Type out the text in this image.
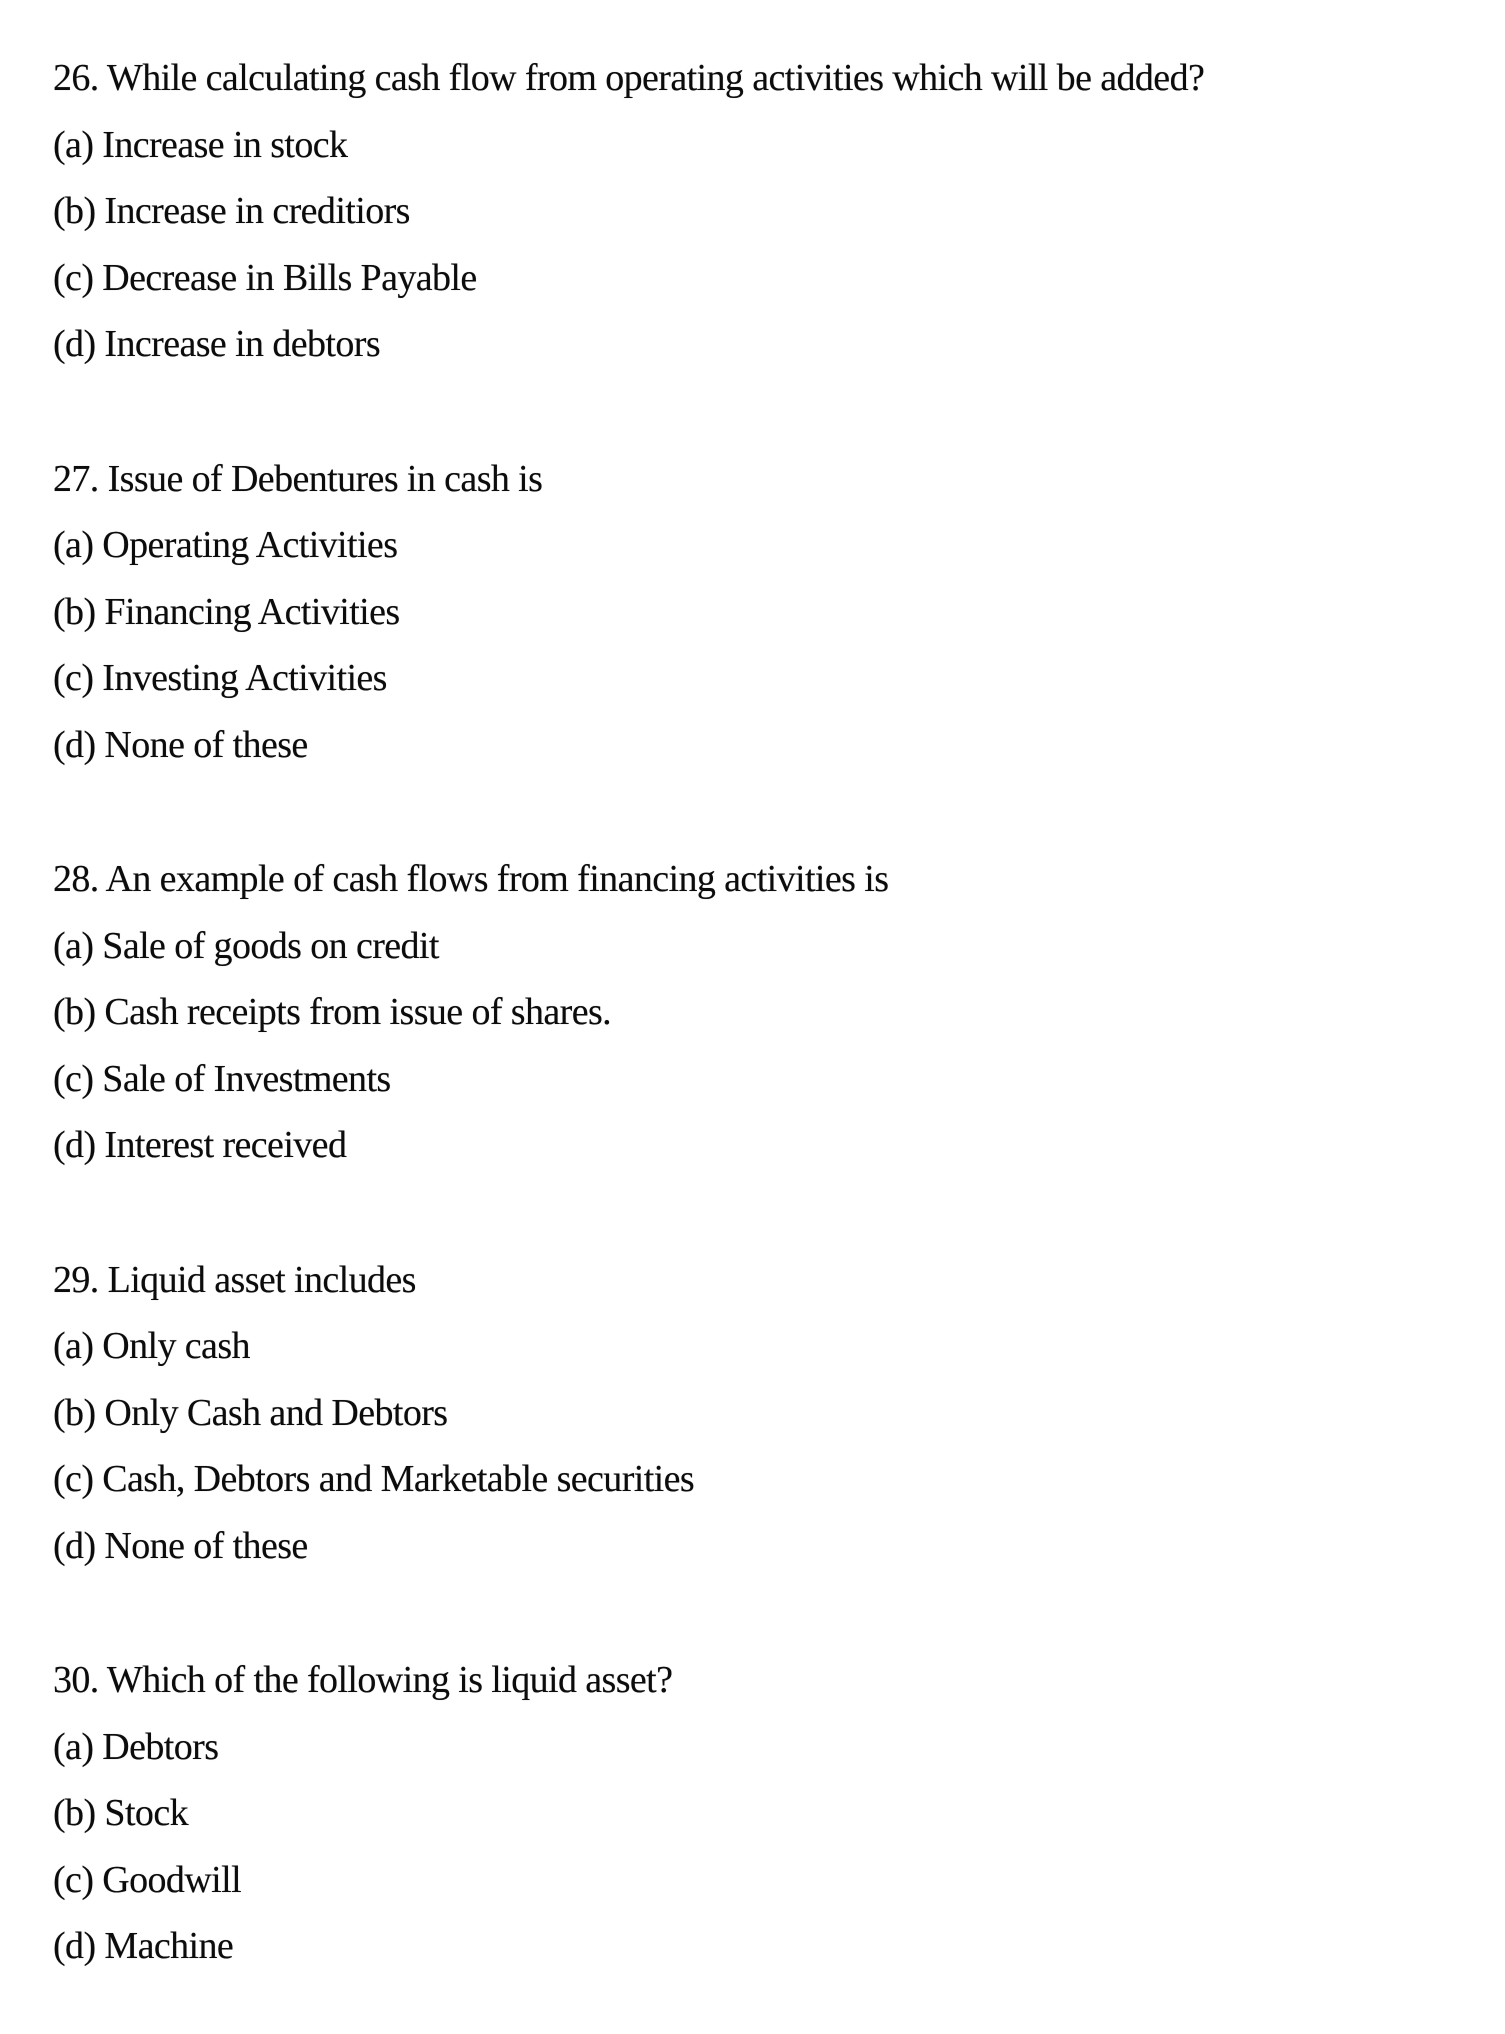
26. While calculating cash flow from operating activities which will be added?

(a) Increase in stock

(b) Increase in creditiors

(c) Decrease in Bills Payable

(d) Increase in debtors

27. Issue of Debentures in cash is

(a) Operating Activities

(b) Financing Activities

(c) Investing Activities

(d) None of these

28. An example of cash flows from financing activities is

(a) Sale of goods on credit

(b) Cash receipts from issue of shares.

(c) Sale of Investments

(d) Interest received

29. Liquid asset includes

(a) Only cash

(b) Only Cash and Debtors

(c) Cash, Debtors and Marketable securities

(d) None of these

30. Which of the following is liquid asset?

(a) Debtors

(b) Stock

(c) Goodwill

(d) Machine
